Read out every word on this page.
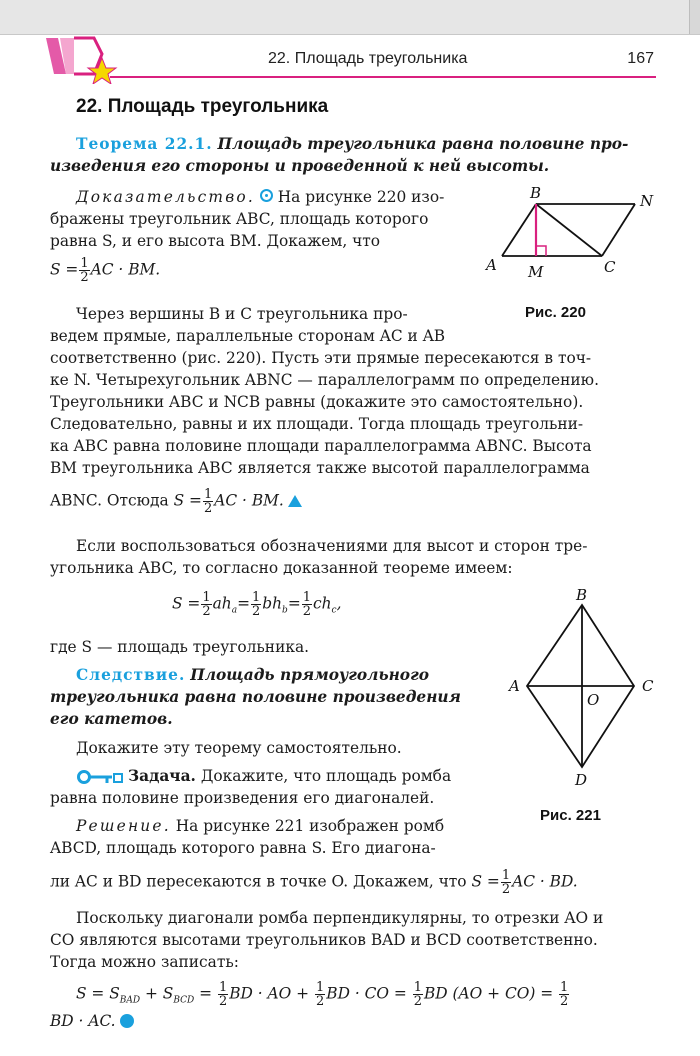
22. Площадь треугольника	167
22. Площадь треугольника
Теорема 22.1. Площадь треугольника равна половине про-
изведения его стороны и проведенной к ней высоты.
Доказательство. На рисунке 220 изо-
бражены треугольник ABC, площадь которого
равна S, и его высота BM. Докажем, что
$S = \frac{1}{2}$ AC · BM.
Через вершины B и C треугольника про-
ведем прямые, параллельные сторонам AC и AB
соответственно (рис. 220). Пусть эти прямые пересекаются в точ-
ке N. Четырехугольник ABNC — параллелограмм по определению.
Треугольники ABC и NCB равны (докажите это самостоятельно).
Следовательно, равны и их площади. Тогда площадь треугольни-
ка ABC равна половине площади параллелограмма ABNC. Высота
BM треугольника ABC является также высотой параллелограмма
ABNC. Отсюда $S = \frac{1}{2}$ AC · BM.
Если воспользоваться обозначениями для высот и сторон тре-
угольника ABC, то согласно доказанной теореме имеем:
$S = \frac{1}{2} ah_a= \frac{1}{2} bh_b= \frac{1}{2} ch_c$,
где S — площадь треугольника.
Следствие. Площадь прямоугольного
треугольника равна половине произведения
его катетов.
Докажите эту теорему самостоятельно.
Задача. Докажите, что площадь ромба
равна половине произведения его диагоналей.
Решение. На рисунке 221 изображен ромб
ABCD, площадь которого равна S. Его диагона-
ли AC и BD пересекаются в точке O. Докажем, что $S = \frac{1}{2}$ AC · BD.
Поскольку диагонали ромба перпендикулярны, то отрезки AO и
CO являются высотами треугольников BAD и BCD соответственно.
Тогда можно записать:
$S = S_{BAD} + S_{BCD} = \frac{1}{2}$ BD · AO + $\frac{1}{2}$ BD · CO = $\frac{1}{2}$ BD $(AO + CO) = \frac{1}{2}$
BD · AC.
B	N
A M	C
Рис. 220
B
A	C
O
D
Рис. 221
